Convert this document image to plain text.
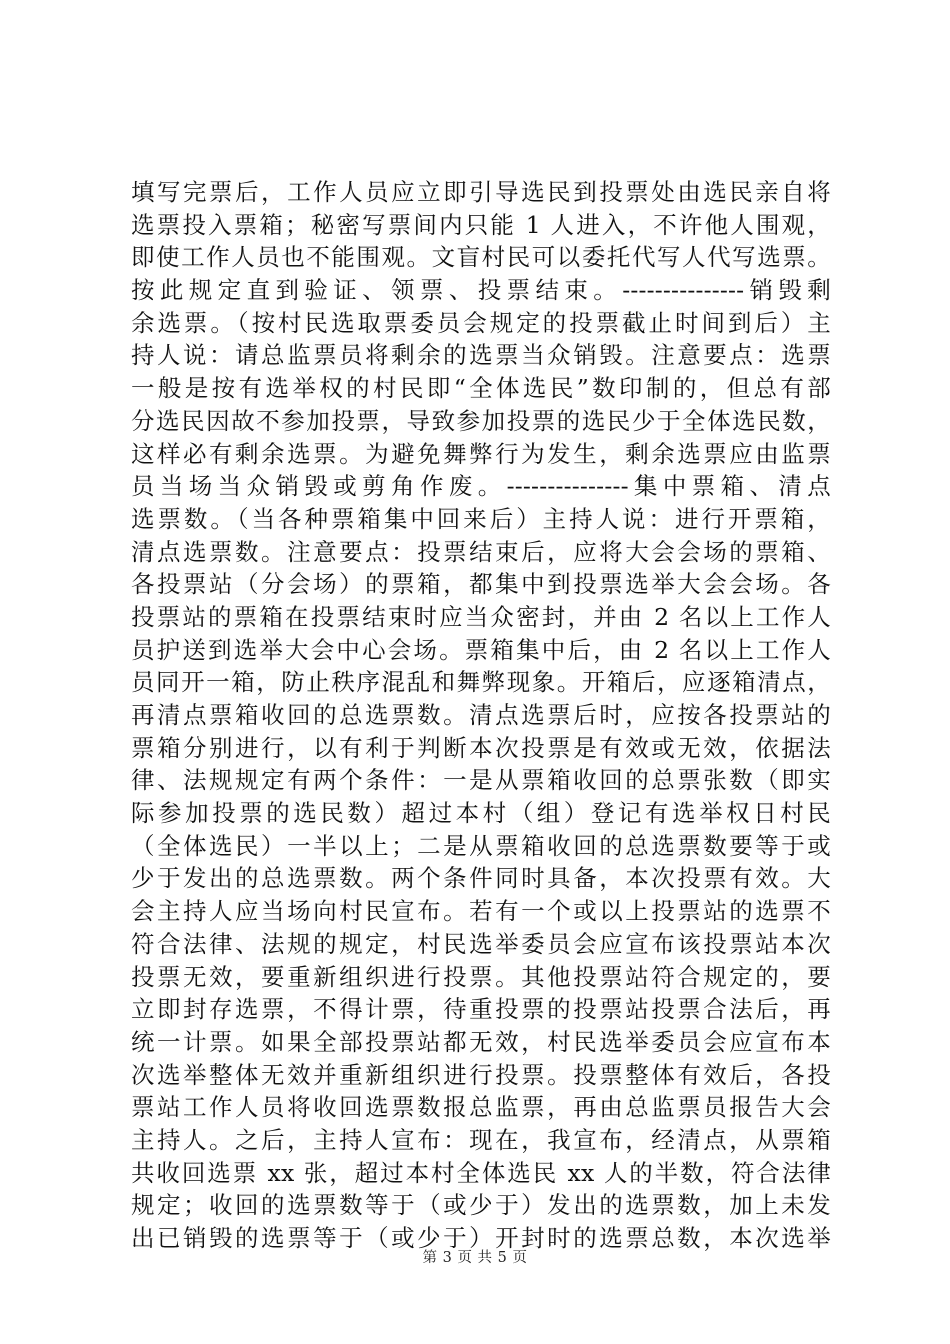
填写完票后，工作人员应立即引导选民到投票处由选民亲自将
选票投入票箱；秘密写票间内只能 1 人进入，不许他人围观，
即使工作人员也不能围观。文盲村民可以委托代写人代写选票。
按此规定直到验证、领票、投票结束。---------------销毁剩
余选票。（按村民选取票委员会规定的投票截止时间到后）主
持人说：请总监票员将剩余的选票当众销毁。注意要点：选票
一般是按有选举权的村民即“全体选民”数印制的，但总有部
分选民因故不参加投票，导致参加投票的选民少于全体选民数，
这样必有剩余选票。为避免舞弊行为发生，剩余选票应由监票
员当场当众销毁或剪角作废。---------------集中票箱、清点
选票数。（当各种票箱集中回来后）主持人说：进行开票箱，
清点选票数。注意要点：投票结束后，应将大会会场的票箱、
各投票站（分会场）的票箱，都集中到投票选举大会会场。各
投票站的票箱在投票结束时应当众密封，并由 2 名以上工作人
员护送到选举大会中心会场。票箱集中后，由 2 名以上工作人
员同开一箱，防止秩序混乱和舞弊现象。开箱后，应逐箱清点，
再清点票箱收回的总选票数。清点选票后时，应按各投票站的
票箱分别进行，以有利于判断本次投票是有效或无效，依据法
律、法规规定有两个条件：一是从票箱收回的总票张数（即实
际参加投票的选民数）超过本村（组）登记有选举权日村民
（全体选民）一半以上；二是从票箱收回的总选票数要等于或
少于发出的总选票数。两个条件同时具备，本次投票有效。大
会主持人应当场向村民宣布。若有一个或以上投票站的选票不
符合法律、法规的规定，村民选举委员会应宣布该投票站本次
投票无效，要重新组织进行投票。其他投票站符合规定的，要
立即封存选票，不得计票，待重投票的投票站投票合法后，再
统一计票。如果全部投票站都无效，村民选举委员会应宣布本
次选举整体无效并重新组织进行投票。投票整体有效后，各投
票站工作人员将收回选票数报总监票，再由总监票员报告大会
主持人。之后，主持人宣布：现在，我宣布，经清点，从票箱
共收回选票 xx 张，超过本村全体选民 xx 人的半数，符合法律
规定；收回的选票数等于（或少于）发出的选票数，加上未发
出已销毁的选票等于（或少于）开封时的选票总数，本次选举
第 3 页 共 5 页
